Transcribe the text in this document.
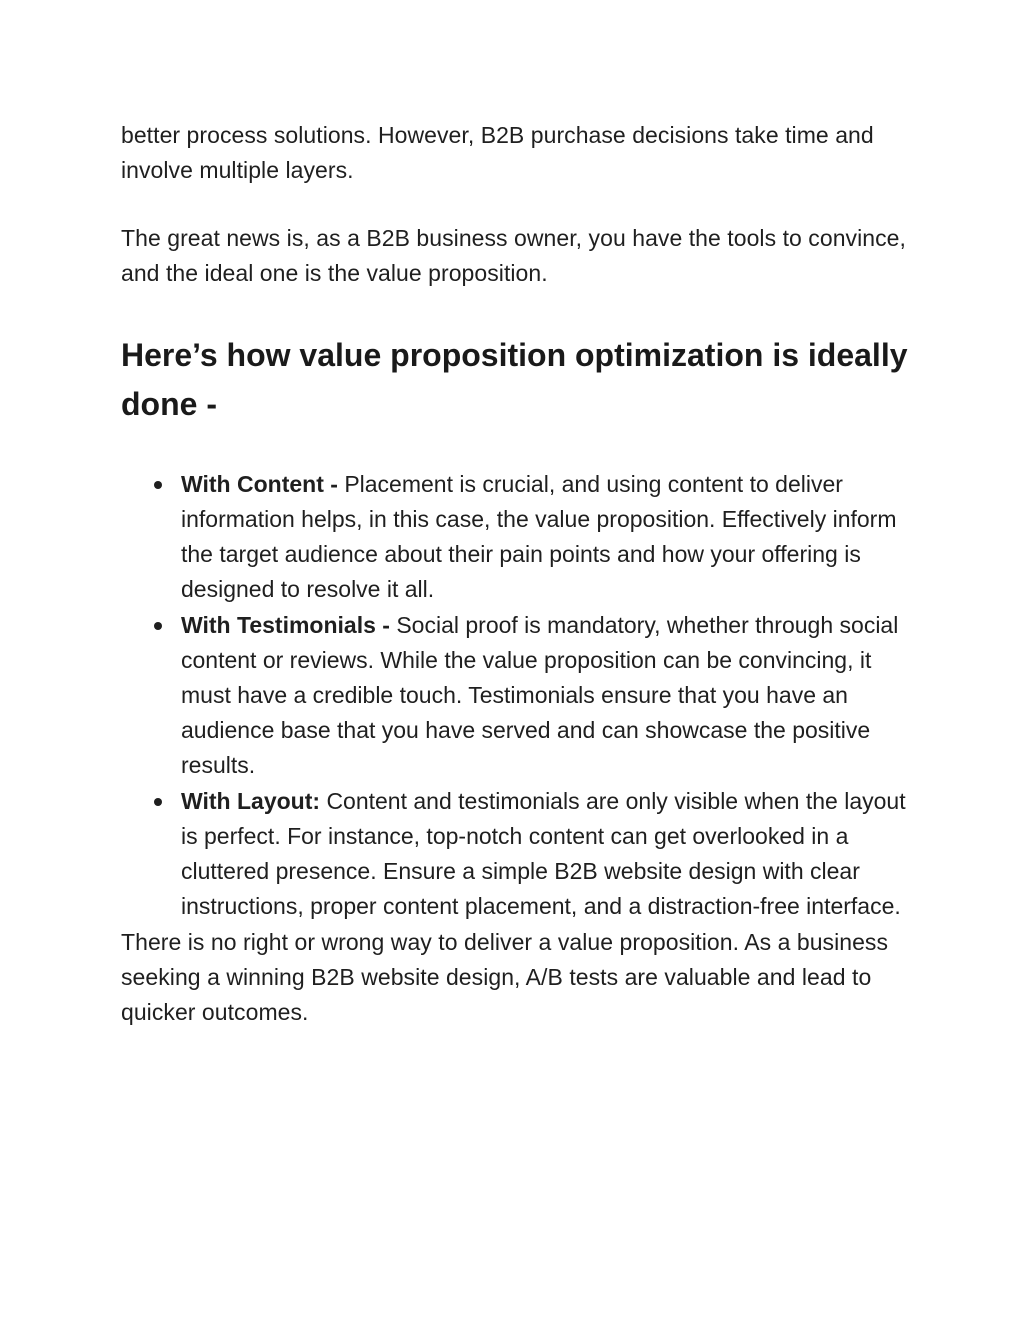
better process solutions. However, B2B purchase decisions take time and involve multiple layers.

The great news is, as a B2B business owner, you have the tools to convince, and the ideal one is the value proposition.

Here’s how value proposition optimization is ideally done -
With Content - Placement is crucial, and using content to deliver information helps, in this case, the value proposition. Effectively inform the target audience about their pain points and how your offering is designed to resolve it all.
With Testimonials - Social proof is mandatory, whether through social content or reviews. While the value proposition can be convincing, it must have a credible touch. Testimonials ensure that you have an audience base that you have served and can showcase the positive results.
With Layout: Content and testimonials are only visible when the layout is perfect. For instance, top-notch content can get overlooked in a cluttered presence. Ensure a simple B2B website design with clear instructions, proper content placement, and a distraction-free interface.

There is no right or wrong way to deliver a value proposition. As a business seeking a winning B2B website design, A/B tests are valuable and lead to quicker outcomes.
